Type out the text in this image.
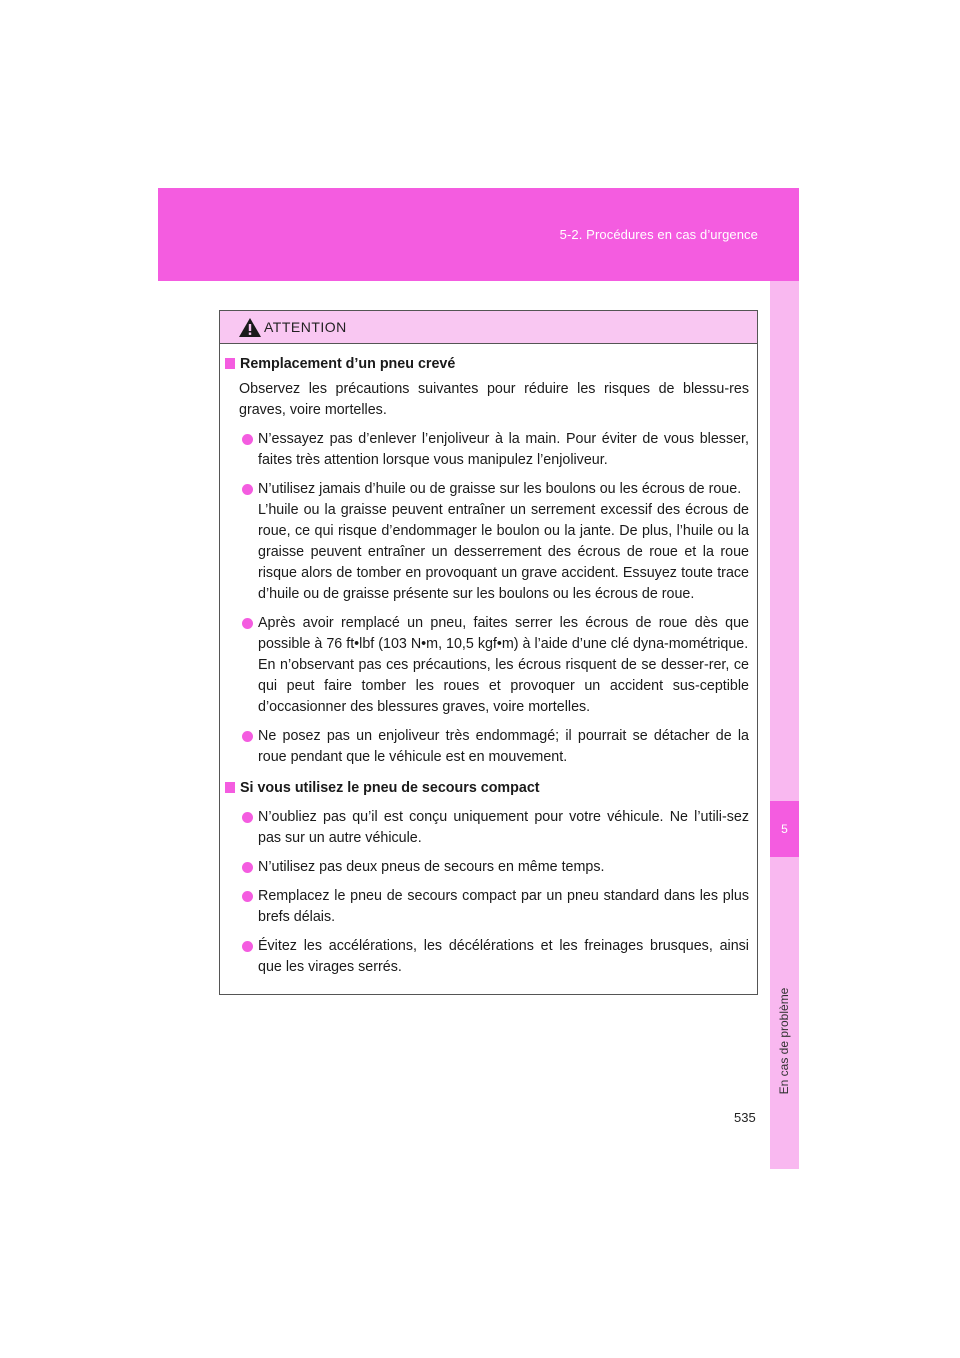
5-2. Procédures en cas d’urgence
5
En cas de problème
ATTENTION
Remplacement d’un pneu crevé
Observez les précautions suivantes pour réduire les risques de blessu-res graves, voire mortelles.

N’essayez pas d’enlever l’enjoliveur à la main. Pour éviter de vous blesser, faites très attention lorsque vous manipulez l’enjoliveur.

N’utilisez jamais d’huile ou de graisse sur les boulons ou les écrous de roue.

L’huile ou la graisse peuvent entraîner un serrement excessif des écrous de roue, ce qui risque d’endommager le boulon ou la jante. De plus, l’huile ou la graisse peuvent entraîner un desserrement des écrous de roue et la roue risque alors de tomber en provoquant un grave accident. Essuyez toute trace d’huile ou de graisse présente sur les boulons ou les écrous de roue.

Après avoir remplacé un pneu, faites serrer les écrous de roue dès que possible à 76 ft•lbf (103 N•m, 10,5 kgf•m) à l’aide d’une clé dyna-mométrique.

En n’observant pas ces précautions, les écrous risquent de se desser-rer, ce qui peut faire tomber les roues et provoquer un accident sus-ceptible d’occasionner des blessures graves, voire mortelles.

Ne posez pas un enjoliveur très endommagé; il pourrait se détacher de la roue pendant que le véhicule est en mouvement.

Si vous utilisez le pneu de secours compact

N’oubliez pas qu’il est conçu uniquement pour votre véhicule. Ne l’utili-sez pas sur un autre véhicule.

N’utilisez pas deux pneus de secours en même temps.

Remplacez le pneu de secours compact par un pneu standard dans les plus brefs délais.

Évitez les accélérations, les décélérations et les freinages brusques, ainsi que les virages serrés.

535
